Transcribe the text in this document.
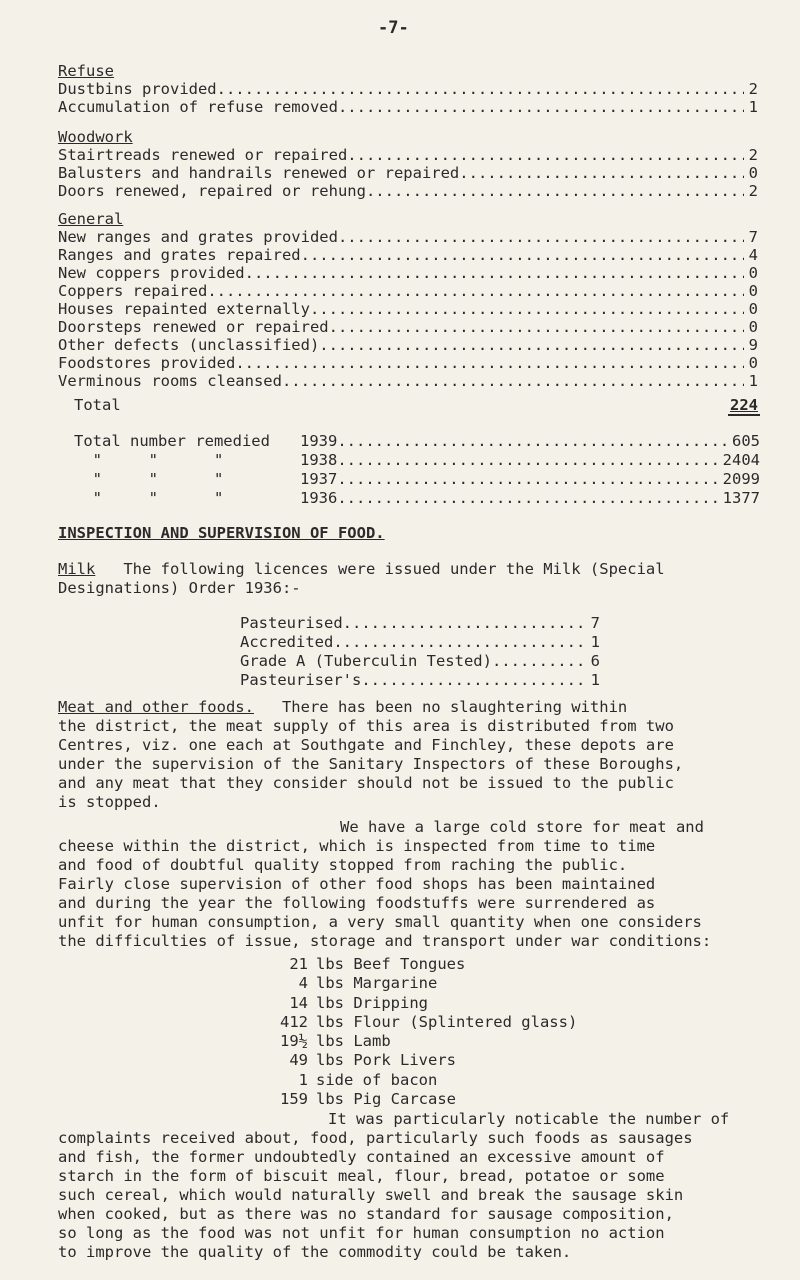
-7-
Refuse
Dustbins provided .....	2
Accumulation of refuse removed .....	1
Woodwork
Stairtreads renewed or repaired .....	2
Balusters and handrails renewed or repaired .....	0
Doors renewed, repaired or rehung .....	2
General
New ranges and grates provided .....	7
Ranges and grates repaired .....	4
New coppers provided .....	0
Coppers repaired .....	0
Houses repainted externally .....	0
Doorsteps renewed or repaired .....	0
Other defects (unclassified) .....	9
Foodstores provided .....	0
Verminous rooms cleansed .....	1
Total	224
Total number remedied	1939 .....	605
"     "      "	1938 .....	2404
"     "      "	1937 .....	2099
"     "      "	1936 .....	1377
INSPECTION AND SUPERVISION OF FOOD.
Milk The following licences were issued under the Milk (Special
Designations) Order 1936:-
Pasteurised .....	7
Accredited .....	1
Grade A (Tuberculin Tested) .....	6
Pasteuriser's .....	1
Meat and other foods. There has been no slaughtering within
the district, the meat supply of this area is distributed from two
Centres, viz. one each at Southgate and Finchley, these depots are
under the supervision of the Sanitary Inspectors of these Boroughs,
and any meat that they consider should not be issued to the public
is stopped.
We have a large cold store for meat and
cheese within the district, which is inspected from time to time
and food of doubtful quality stopped from raching the public.
Fairly close supervision of other food shops has been maintained
and during the year the following foodstuffs were surrendered as
unfit for human consumption, a very small quantity when one considers
the difficulties of issue, storage and transport under war conditions:
21 lbs Beef Tongues
4 lbs Margarine
14 lbs Dripping
412 lbs Flour (Splintered glass)
19½ lbs Lamb
49 lbs Pork Livers
1 side of bacon
159 lbs Pig Carcase
It was particularly noticable the number of
complaints received about, food, particularly such foods as sausages
and fish, the former undoubtedly contained an excessive amount of
starch in the form of biscuit meal, flour, bread, potatoe or some
such cereal, which would naturally swell and break the sausage skin
when cooked, but as there was no standard for sausage composition,
so long as the food was not unfit for human consumption no action
to improve the quality of the commodity could be taken.
